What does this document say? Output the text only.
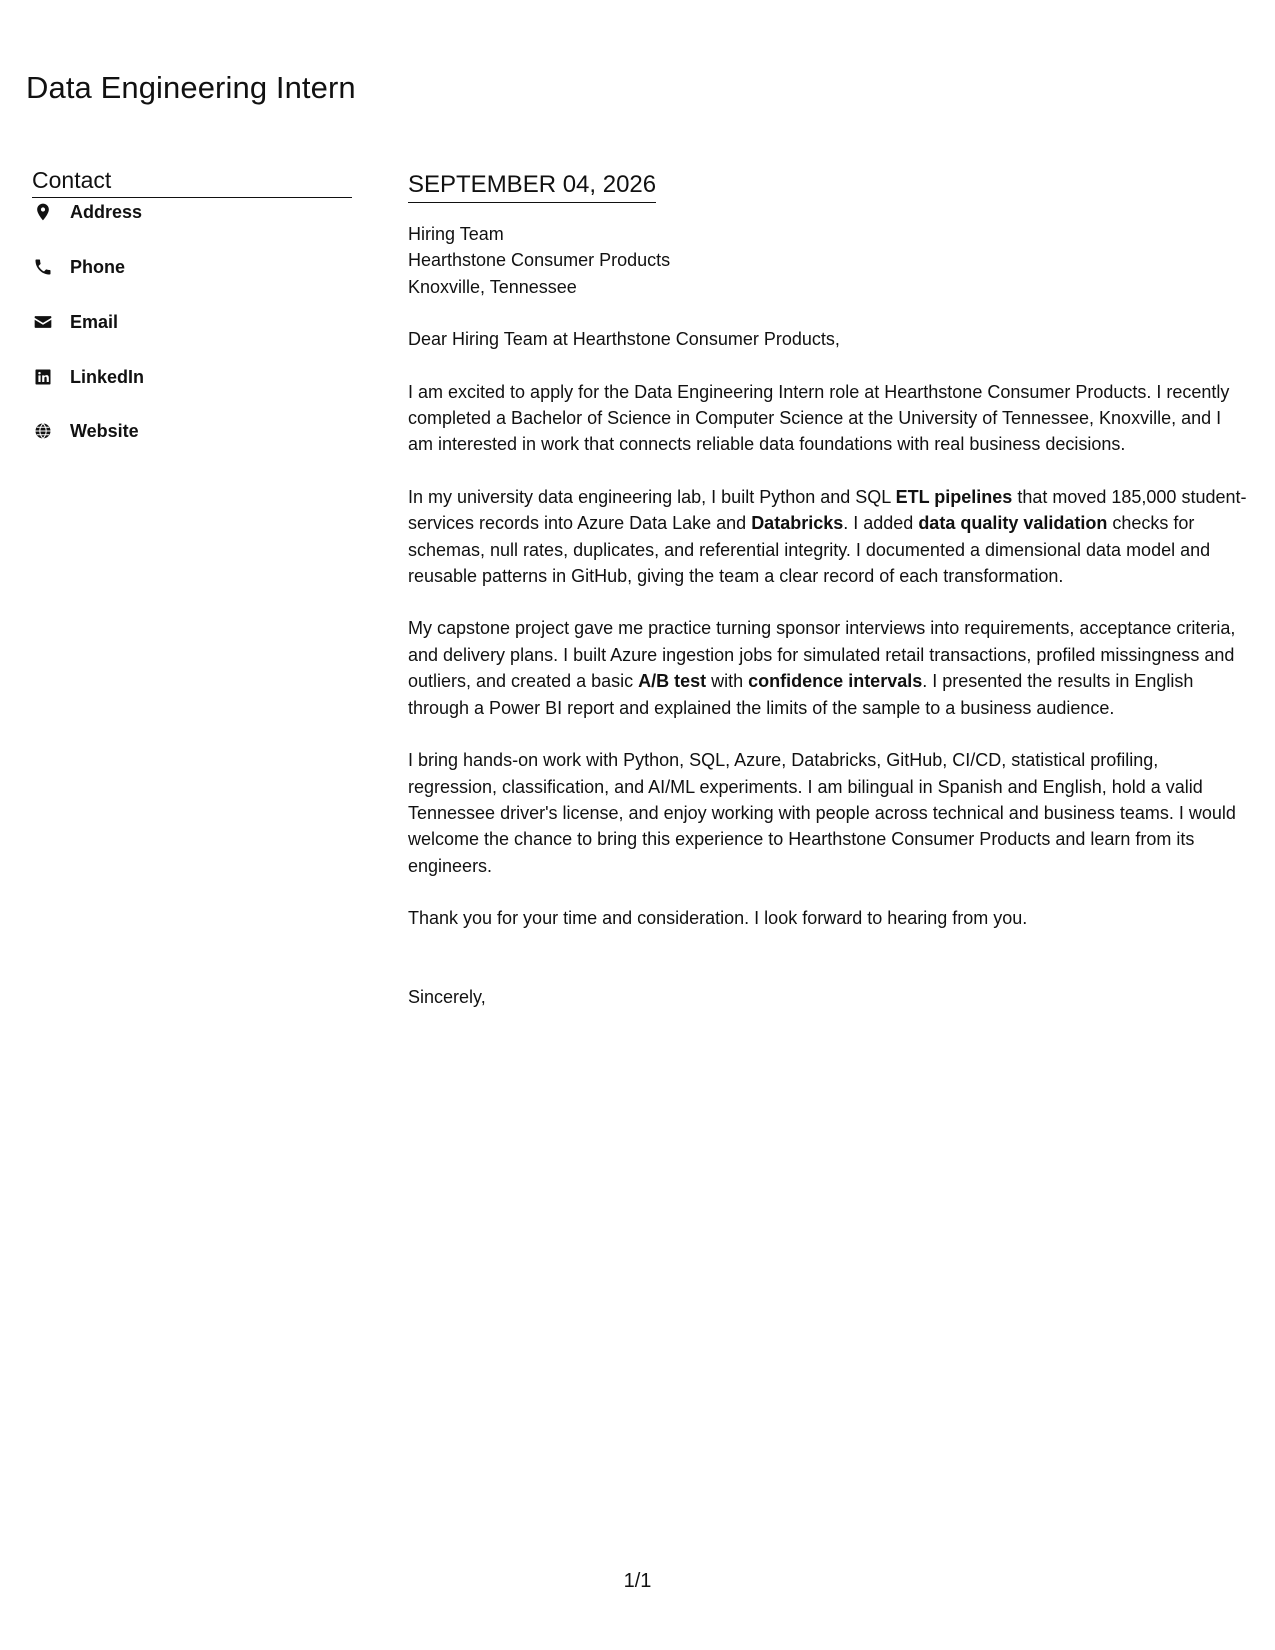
Data Engineering Intern
Contact
Address
Phone
Email
LinkedIn
Website
SEPTEMBER 04, 2026
Hiring Team
Hearthstone Consumer Products
Knoxville, Tennessee
Dear Hiring Team at Hearthstone Consumer Products,
I am excited to apply for the Data Engineering Intern role at Hearthstone Consumer Products. I recently completed a Bachelor of Science in Computer Science at the University of Tennessee, Knoxville, and I am interested in work that connects reliable data foundations with real business decisions.
In my university data engineering lab, I built Python and SQL ETL pipelines that moved 185,000 student-services records into Azure Data Lake and Databricks. I added data quality validation checks for schemas, null rates, duplicates, and referential integrity. I documented a dimensional data model and reusable patterns in GitHub, giving the team a clear record of each transformation.
My capstone project gave me practice turning sponsor interviews into requirements, acceptance criteria, and delivery plans. I built Azure ingestion jobs for simulated retail transactions, profiled missingness and outliers, and created a basic A/B test with confidence intervals. I presented the results in English through a Power BI report and explained the limits of the sample to a business audience.
I bring hands-on work with Python, SQL, Azure, Databricks, GitHub, CI/CD, statistical profiling, regression, classification, and AI/ML experiments. I am bilingual in Spanish and English, hold a valid Tennessee driver's license, and enjoy working with people across technical and business teams. I would welcome the chance to bring this experience to Hearthstone Consumer Products and learn from its engineers.
Thank you for your time and consideration. I look forward to hearing from you.
Sincerely,
1/1
